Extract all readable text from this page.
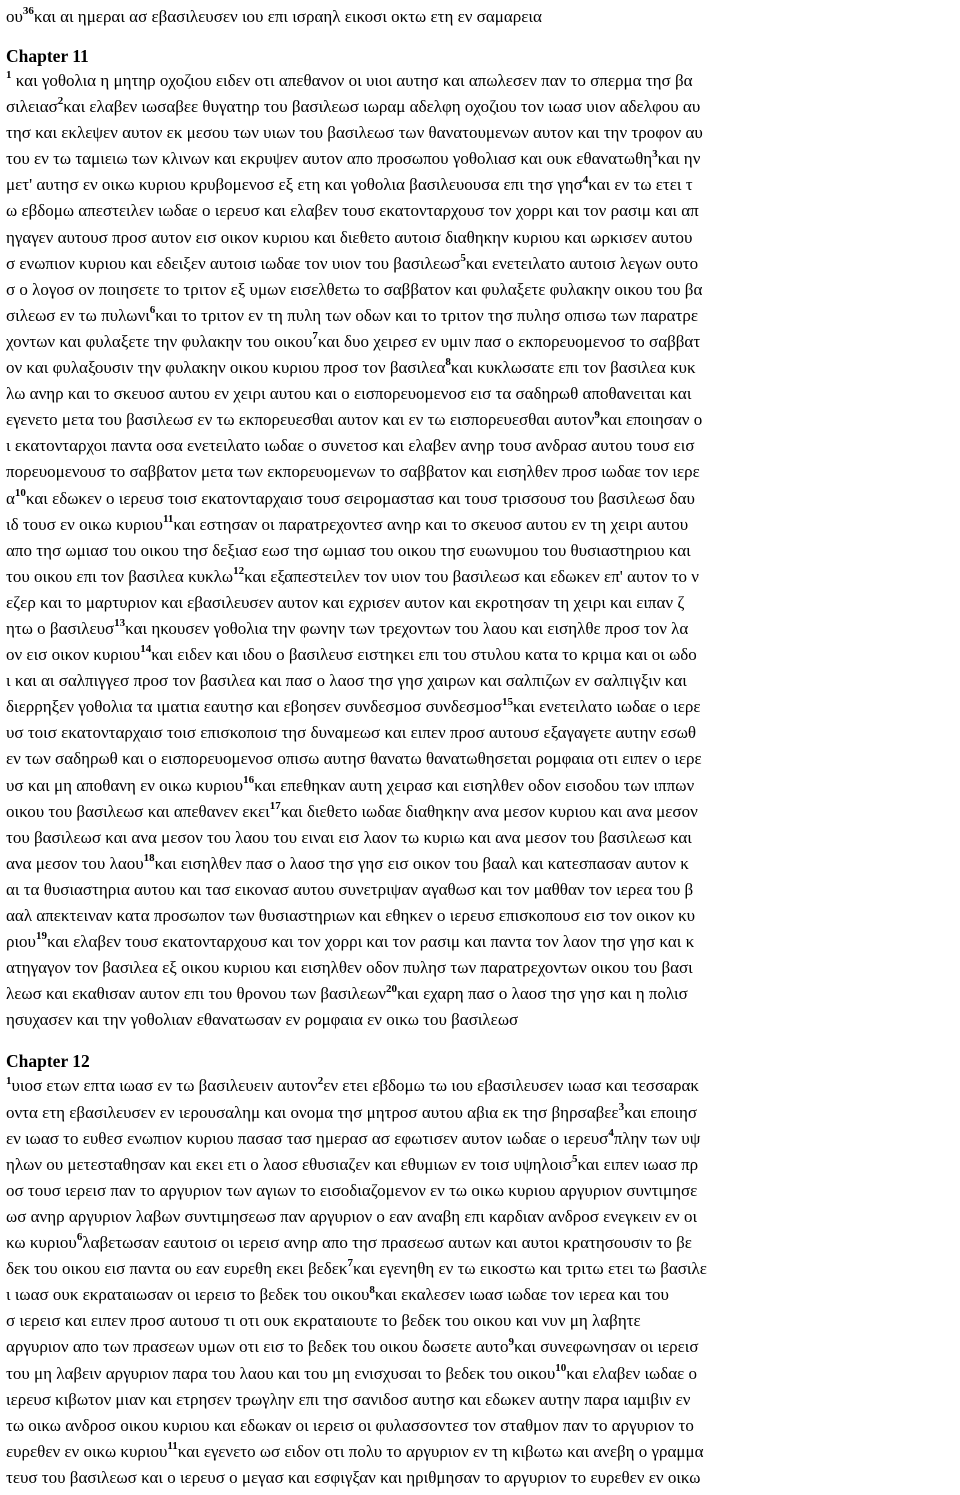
$o\upsilon^{36}\kappa\alpha\iota$ αι ημεραι ασ εβασιλευσεν ιου επι ισραηλ εικοσι οκτω ετη εν σαμαρεια
Chapter 11
$^1$ και γοθολια η μητηρ οχοζιου ειδεν οτι απεθανον οι υιοι αυτησ και απωλεσεν παν το σπερμα τησ βα
σιλειασ$^2$και ελαβεν ιωσαβεε θυγατηρ του βασιλεωσ ιωραμ αδελφη οχοζιου τον ιωασ υιον αδελφου αυ
τησ και εκλεψεν αυτον εκ μεσου των υιων του βασιλεωσ των θανατουμενων αυτον και την τροφον αυ
του εν τω ταμιειω των κλινων και εκρυψεν αυτον απο προσωπου γοθολιασ και ουκ εθανατωθη$^3$και ην
μετ' αυτησ εν οικω κυριου κρυβομενοσ εξ ετη και γοθολια βασιλευουσα επι τησ γησ$^4$και εν τω ετει τ
ω εβδομω απεστειλεν ιωδαε ο ιερευσ και ελαβεν τουσ εκατονταρχουσ τον χορρι και τον ρασιμ και απ
ηγαγεν αυτουσ προσ αυτον εισ οικον κυριου και διεθετο αυτοισ διαθηκην κυριου και ωρκισεν αυτου
σ ενωπιον κυριου και εδειξεν αυτοισ ιωδαε τον υιον του βασιλεωσ$^5$και ενετειλατο αυτοισ λεγων ουτο
σ ο λογοσ ον ποιησετε το τριτον εξ υμων εισελθετω το σαββατον και φυλαξετε φυλακην οικου του βα
σιλεωσ εν τω πυλωνι$^6$και το τριτον εν τη πυλη των οδων και το τριτον τησ πυλησ οπισω των παρατρε
χοντων και φυλαξετε την φυλακην του οικου$^7$και δυο χειρεσ εν υμιν πασ ο εκπορευομενοσ το σαββατ
ον και φυλαξουσιν την φυλακην οικου κυριου προσ τον βασιλεα$^8$και κυκλωσατε επι τον βασιλεα κυκ
λω ανηρ και το σκευοσ αυτου εν χειρι αυτου και ο εισπορευομενοσ εισ τα σαδηρωθ αποθανειται και
εγενετο μετα του βασιλεωσ εν τω εκπορευεσθαι αυτον και εν τω εισπορευεσθαι αυτον$^9$και εποιησαν ο
ι εκατονταρχοι παντα οσα ενετειλατο ιωδαε ο συνετοσ και ελαβεν ανηρ τουσ ανδρασ αυτου τουσ εισ
πορευομενουσ το σαββατον μετα των εκπορευομενων το σαββατον και εισηλθεν προσ ιωδαε τον ιερε
$\alpha^{10}\kappa\alpha\iota$ εδωκεν ο ιερευσ τοισ εκατονταρχαισ τουσ σειρομαστασ και τουσ τρισσουσ του βασιλεωσ δαυ
ιδ τουσ εν οικω κυριου$^{11}$και εστησαν οι παρατρεχοντεσ ανηρ και το σκευοσ αυτου εν τη χειρι αυτου
απο τησ ωμιασ του οικου τησ δεξιασ εωσ τησ ωμιασ του οικου τησ ευωνυμου του θυσιαστηριου και
του οικου επι τον βασιλεα κυκλω$^{12}$και εξαπεστειλεν τον υιον του βασιλεωσ και εδωκεν επ' αυτον το ν
εζερ και το μαρτυριον και εβασιλευσεν αυτον και εχρισεν αυτον και εκροτησαν τη χειρι και ειπαν ζ
ητω ο βασιλευσ$^{13}$και ηκουσεν γοθολια την φωνην των τρεχοντων του λαου και εισηλθε προσ τον λα
ον εισ οικον κυριου$^{14}$και ειδεν και ιδου ο βασιλευσ ειστηκει επι του στυλου κατα το κριμα και οι ωδο
ι και αι σαλπιγγεσ προσ τον βασιλεα και πασ ο λαοσ τησ γησ χαιρων και σαλπιζων εν σαλπιγξιν και
διερρηξεν γοθολια τα ιματια εαυτησ και εβοησεν συνδεσμοσ συνδεσμοσ$^{15}$και ενετειλατο ιωδαε ο ιερε
υσ τοισ εκατονταρχαισ τοισ επισκοποισ τησ δυναμεωσ και ειπεν προσ αυτουσ εξαγαγετε αυτην εσωθ
εν των σαδηρωθ και ο εισπορευομενοσ οπισω αυτησ θανατω θανατωθησεται ρομφαια οτι ειπεν ο ιερε
υσ και μη αποθανη εν οικω κυριου$^{16}$και επεθηκαν αυτη χειρασ και εισηλθεν οδον εισοδου των ιππων
οικου του βασιλεωσ και απεθανεν εκει$^{17}$και διεθετο ιωδαε διαθηκην ανα μεσον κυριου και ανα μεσον
του βασιλεωσ και ανα μεσον του λαου του ειναι εισ λαον τω κυριω και ανα μεσον του βασιλεωσ και
ανα μεσον του λαου$^{18}$και εισηλθεν πασ ο λαοσ τησ γησ εισ οικον του βααλ και κατεσπασαν αυτον κ
αι τα θυσιαστηρια αυτου και τασ εικονασ αυτου συνετριψαν αγαθωσ και τον μαθθαν τον ιερεα του β
ααλ απεκτειναν κατα προσωπον των θυσιαστηριων και εθηκεν ο ιερευσ επισκοπουσ εισ τον οικον κυ
ριου$^{19}$και ελαβεν τουσ εκατονταρχουσ και τον χορρι και τον ρασιμ και παντα τον λαον τησ γησ και κ
ατηγαγον τον βασιλεα εξ οικου κυριου και εισηλθεν οδον πυλησ των παρατρεχοντων οικου του βασι
λεωσ και εκαθισαν αυτον επι του θρονου των βασιλεων$^{20}$και εχαρη πασ ο λαοσ τησ γησ και η πολισ
ησυχασεν και την γοθολιαν εθανατωσαν εν ρομφαια εν οικω του βασιλεωσ
Chapter 12
$^1$υιοσ ετων επτα ιωασ εν τω βασιλευειν αυτον$^2$εν ετει εβδομω τω ιου εβασιλευσεν ιωασ και τεσσαρακ
οντα ετη εβασιλευσεν εν ιερουσαλημ και ονομα τησ μητροσ αυτου αβια εκ τησ βηρσαβεε$^3$και εποιησ
εν ιωασ το ευθεσ ενωπιον κυριου πασασ τασ ημερασ ασ εφωτισεν αυτον ιωδαε ο ιερευσ$^4$πλην των υψ
ηλων ου μετεσταθησαν και εκει ετι ο λαοσ εθυσιαζεν και εθυμιων εν τοισ υψηλοισ$^5$και ειπεν ιωασ πρ
οσ τουσ ιερεισ παν το αργυριον των αγιων το εισοδιαζομενον εν τω οικω κυριου αργυριον συντιμησε
ωσ ανηρ αργυριον λαβων συντιμησεωσ παν αργυριον ο εαν αναβη επι καρδιαν ανδροσ ενεγκειν εν οι
κω κυριου$^6$λαβετωσαν εαυτοισ οι ιερεισ ανηρ απο τησ πρασεωσ αυτων και αυτοι κρατησουσιν το βε
δεκ του οικου εισ παντα ου εαν ευρεθη εκει βεδεκ$^7$και εγενηθη εν τω εικοστω και τριτω ετει τω βασιλε
ι ιωασ ουκ εκραταιωσαν οι ιερεισ το βεδεκ του οικου$^8$και εκαλεσεν ιωασ ιωδαε τον ιερεα και του
σ ιερεισ και ειπεν προσ αυτουσ τι οτι ουκ εκραταιουτε το βεδεκ του οικου και νυν μη λαβητε
αργυριον απο των πρασεων υμων οτι εισ το βεδεκ του οικου δωσετε αυτο$^9$και συνεφωνησαν οι ιερεισ
του μη λαβειν αργυριον παρα του λαου και του μη ενισχυσαι το βεδεκ του οικου$^{10}$και ελαβεν ιωδαε ο
ιερευσ κιβωτον μιαν και ετρησεν τρωγλην επι τησ σανιδοσ αυτησ και εδωκεν αυτην παρα ιαμιβιν εν
τω οικω ανδροσ οικου κυριου και εδωκαν οι ιερεισ οι φυλασσοντεσ τον σταθμον παν το αργυριον το
ευρεθεν εν οικω κυριου$^{11}$και εγενετο ωσ ειδον οτι πολυ το αργυριον εν τη κιβωτω και ανεβη ο γραμμα
τευσ του βασιλεωσ και ο ιερευσ ο μεγασ και εσφιγξαν και ηριθμησαν το αργυριον το ευρεθεν εν οικω
